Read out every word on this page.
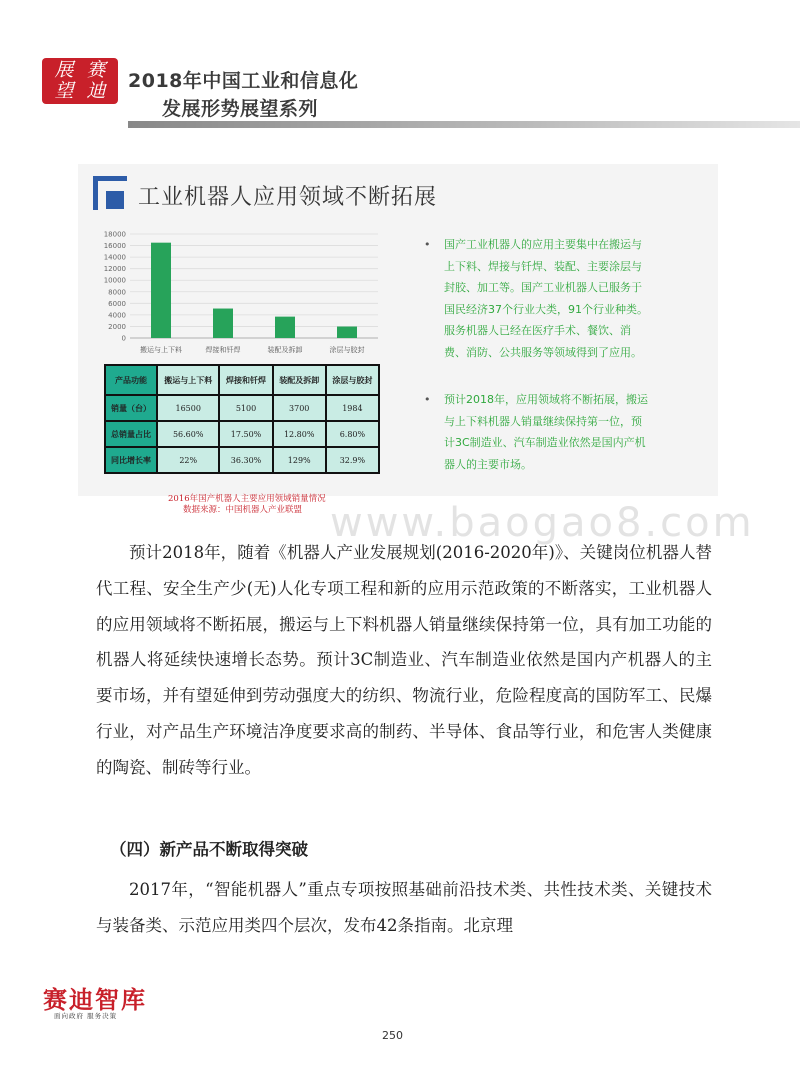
展 赛
望 迪	2018年中国工业和信息化
发展形势展望系列
工业机器人应用领域不断拓展
0
2000
4000
6000
8000
10000
12000
14000
16000
18000
搬运与上下料	焊接和钎焊	装配及拆卸	涂层与胶封
产品功能	搬运与上下料	焊接和钎焊	装配及拆卸	涂层与胶封
销量（台）	16500	5100	3700	1984
总销量占比	56.60%	17.50%	12.80%	6.80%
同比增长率	22%	36.30%	129%	32.9%
2016年国产机器人主要应用领域销量情况
数据来源：中国机器人产业联盟
• 国产工业机器人的应用主要集中在搬运与
上下料、焊接与钎焊、装配、主要涂层与
封胶、加工等。国产工业机器人已服务于
国民经济37个行业大类，91个行业种类。
服务机器人已经在医疗手术、餐饮、消
费、消防、公共服务等领域得到了应用。
• 预计2018年，应用领域将不断拓展，搬运
与上下料机器人销量继续保持第一位，预
计3C制造业、汽车制造业依然是国内产机
器人的主要市场。
www.baogao8.com
预计2018年，随着《机器人产业发展规划(2016-2020年)》、关键岗位机器人替代工程、安全生产少(无)人化专项工程和新的应用示范政策的不断落实，工业机器人的应用领域将不断拓展，搬运与上下料机器人销量继续保持第一位，具有加工功能的机器人将延续快速增长态势。预计3C制造业、汽车制造业依然是国内产机器人的主要市场，并有望延伸到劳动强度大的纺织、物流行业，危险程度高的国防军工、民爆行业，对产品生产环境洁净度要求高的制药、半导体、食品等行业，和危害人类健康的陶瓷、制砖等行业。
（四）新产品不断取得突破
2017年，“智能机器人”重点专项按照基础前沿技术类、共性技术类、关键技术与装备类、示范应用类四个层次，发布42条指南。北京理
赛迪智库
面向政府 服务决策
250
